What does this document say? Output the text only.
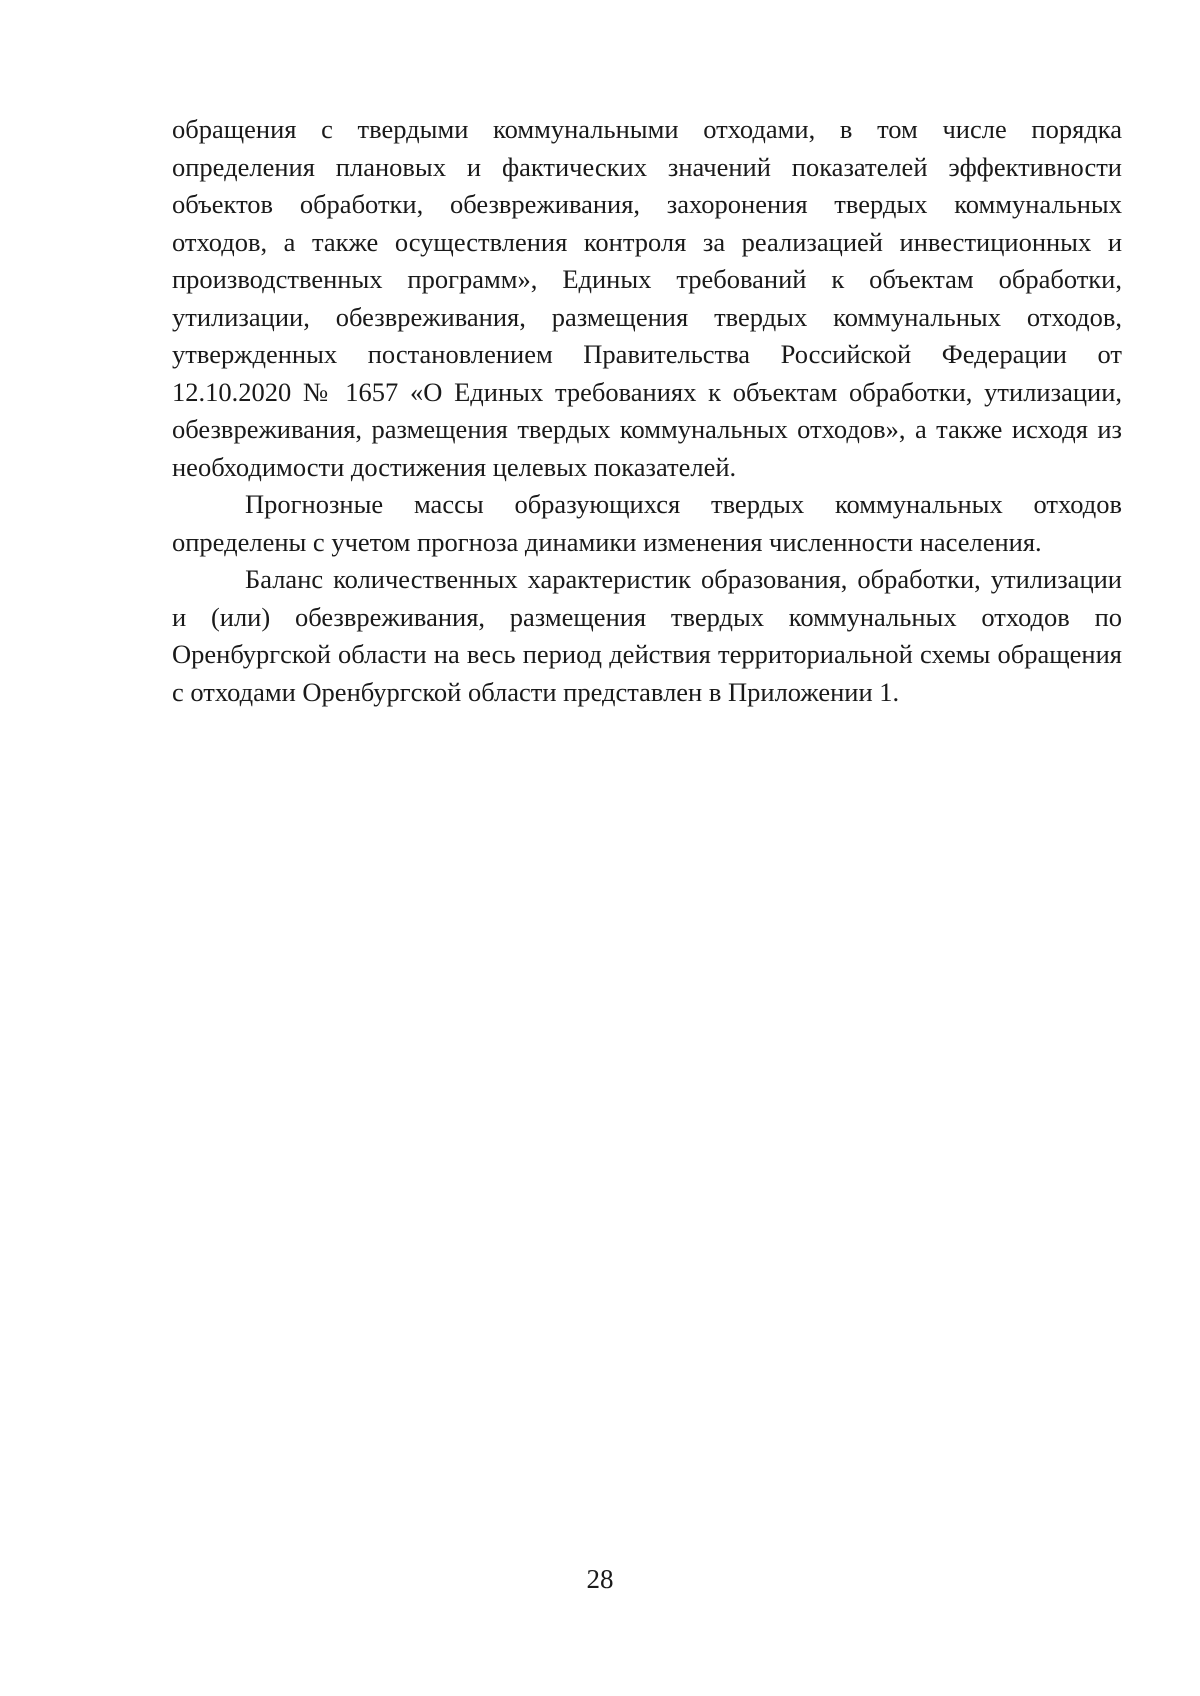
обращения с твердыми коммунальными отходами, в том числе порядка определения плановых и фактических значений показателей эффективности объектов обработки, обезвреживания, захоронения твердых коммунальных отходов, а также осуществления контроля за реализацией инвестиционных и производственных программ», Единых требований к объектам обработки, утилизации, обезвреживания, размещения твердых коммунальных отходов, утвержденных постановлением Правительства Российской Федерации от 12.10.2020 № 1657 «О Единых требованиях к объектам обработки, утилизации, обезвреживания, размещения твердых коммунальных отходов», а также исходя из необходимости достижения целевых показателей.

Прогнозные массы образующихся твердых коммунальных отходов определены с учетом прогноза динамики изменения численности населения.

Баланс количественных характеристик образования, обработки, утилизации и (или) обезвреживания, размещения твердых коммунальных отходов по Оренбургской области на весь период действия территориальной схемы обращения с отходами Оренбургской области представлен в Приложении 1.

28
